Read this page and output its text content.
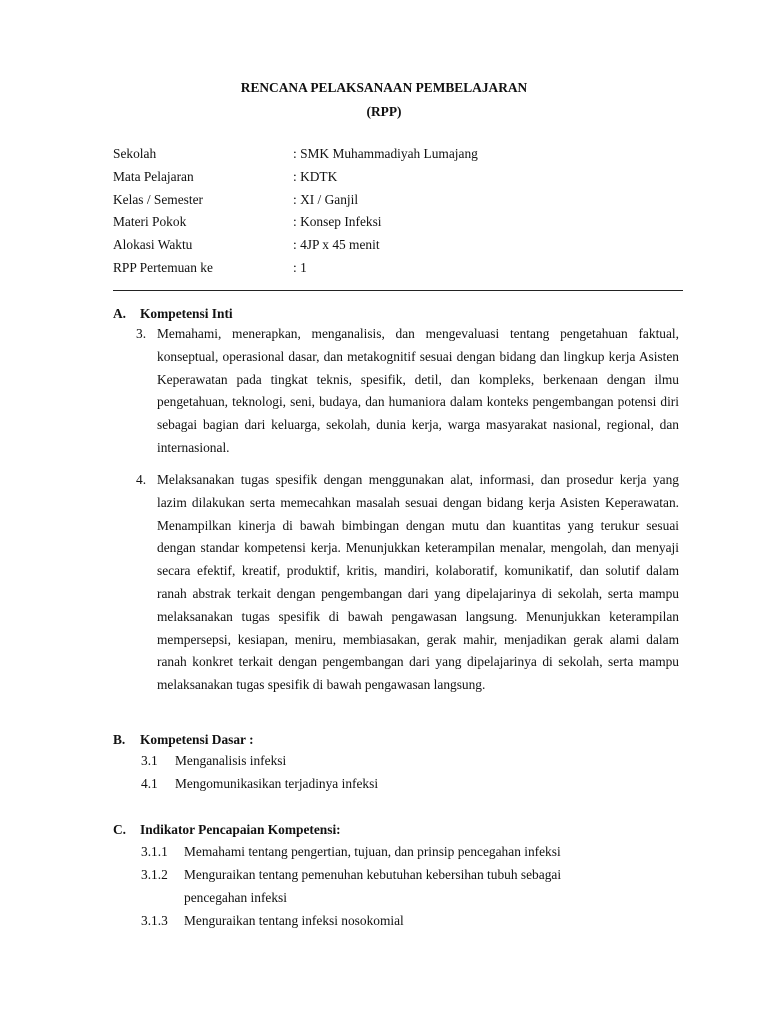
RENCANA PELAKSANAAN PEMBELAJARAN
(RPP)
Sekolah	: SMK Muhammadiyah Lumajang
Mata Pelajaran	: KDTK
Kelas / Semester	: XI / Ganjil
Materi Pokok	: Konsep Infeksi
Alokasi Waktu	: 4JP x 45 menit
RPP Pertemuan ke	: 1
A. Kompetensi Inti
3. Memahami, menerapkan, menganalisis, dan mengevaluasi tentang pengetahuan faktual, konseptual, operasional dasar, dan metakognitif sesuai dengan bidang dan lingkup kerja Asisten Keperawatan pada tingkat teknis, spesifik, detil, dan kompleks, berkenaan dengan ilmu pengetahuan, teknologi, seni, budaya, dan humaniora dalam konteks pengembangan potensi diri sebagai bagian dari keluarga, sekolah, dunia kerja, warga masyarakat nasional, regional, dan internasional.
4. Melaksanakan tugas spesifik dengan menggunakan alat, informasi, dan prosedur kerja yang lazim dilakukan serta memecahkan masalah sesuai dengan bidang kerja Asisten Keperawatan. Menampilkan kinerja di bawah bimbingan dengan mutu dan kuantitas yang terukur sesuai dengan standar kompetensi kerja. Menunjukkan keterampilan menalar, mengolah, dan menyaji secara efektif, kreatif, produktif, kritis, mandiri, kolaboratif, komunikatif, dan solutif dalam ranah abstrak terkait dengan pengembangan dari yang dipelajarinya di sekolah, serta mampu melaksanakan tugas spesifik di bawah pengawasan langsung. Menunjukkan keterampilan mempersepsi, kesiapan, meniru, membiasakan, gerak mahir, menjadikan gerak alami dalam ranah konkret terkait dengan pengembangan dari yang dipelajarinya di sekolah, serta mampu melaksanakan tugas spesifik di bawah pengawasan langsung.
B. Kompetensi Dasar :
3.1 Menganalisis infeksi
4.1 Mengomunikasikan terjadinya infeksi
C. Indikator Pencapaian Kompetensi:
3.1.1	Memahami tentang pengertian, tujuan, dan prinsip pencegahan infeksi
3.1.2	Menguraikan tentang pemenuhan kebutuhan kebersihan tubuh sebagai pencegahan infeksi
3.1.3	Menguraikan tentang infeksi nosokomial
